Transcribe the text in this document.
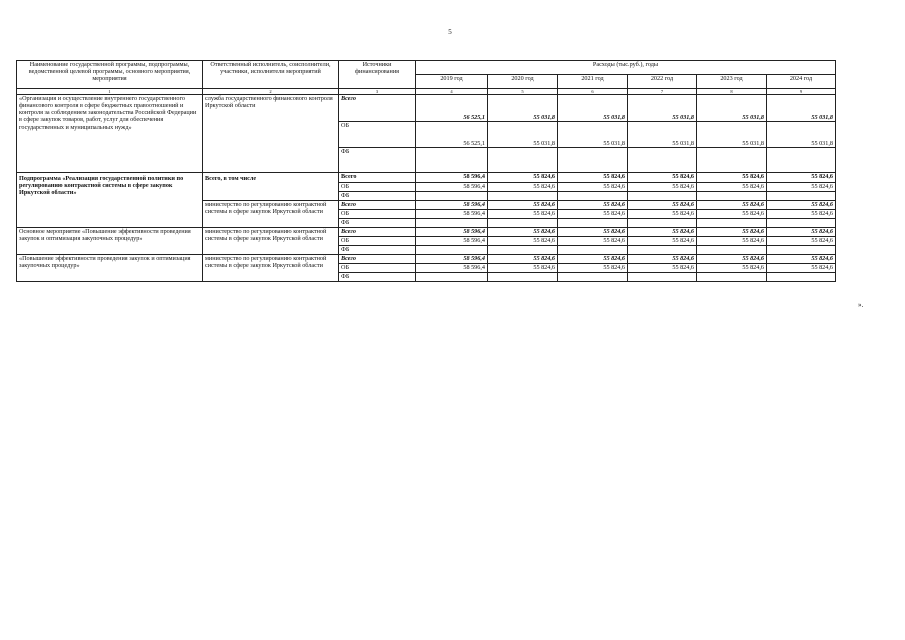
5
Наименование государственной программы, подпрограммы, ведомственной целевой программы, основного мероприятия, мероприятия	Ответственный исполнитель, соисполнители, участники, исполнители мероприятий	Источники финансирования	Расходы (тыс.руб.), годы					
			2019 год	2020 год	2021 год	2022 год	2023 год	2024 год
1	2	3	4	5	6	7	8	9
«Организация и осуществление внутреннего государственного финансового контроля в сфере бюджетных правоотношений и контроля за соблюдением законодательства Российской Федерации в сфере закупок товаров, работ, услуг для обеспечения государственных и муниципальных нужд»	служба государственного финансового контроля Иркутской области	Всего	56 525,1	55 031,8	55 031,8	55 031,8	55 031,8	55 031,8
		ОБ	56 525,1	55 031,8	55 031,8	55 031,8	55 031,8	55 031,8
		ФБ						
Подпрограмма «Реализация государственной политики по регулированию контрактной системы в сфере закупок Иркутской области»	Всего, в том числе	Всего	58 596,4	55 824,6	55 824,6	55 824,6	55 824,6	55 824,6
		ОБ	58 596,4	55 824,6	55 824,6	55 824,6	55 824,6	55 824,6
		ФБ						
	министерство по регулированию контрактной системы в сфере закупок Иркутской области	Всего	58 596,4	55 824,6	55 824,6	55 824,6	55 824,6	55 824,6
		ОБ	58 596,4	55 824,6	55 824,6	55 824,6	55 824,6	55 824,6
		ФБ						
Основное мероприятие «Повышение эффективности проведения закупок и оптимизация закупочных процедур»	министерство по регулированию контрактной системы в сфере закупок Иркутской области	Всего	58 596,4	55 824,6	55 824,6	55 824,6	55 824,6	55 824,6
		ОБ	58 596,4	55 824,6	55 824,6	55 824,6	55 824,6	55 824,6
		ФБ						
«Повышение эффективности проведения закупок и оптимизация закупочных процедур»	министерство по регулированию контрактной системы в сфере закупок Иркутской области	Всего	58 596,4	55 824,6	55 824,6	55 824,6	55 824,6	55 824,6
		ОБ	58 596,4	55 824,6	55 824,6	55 824,6	55 824,6	55 824,6
		ФБ						
».
